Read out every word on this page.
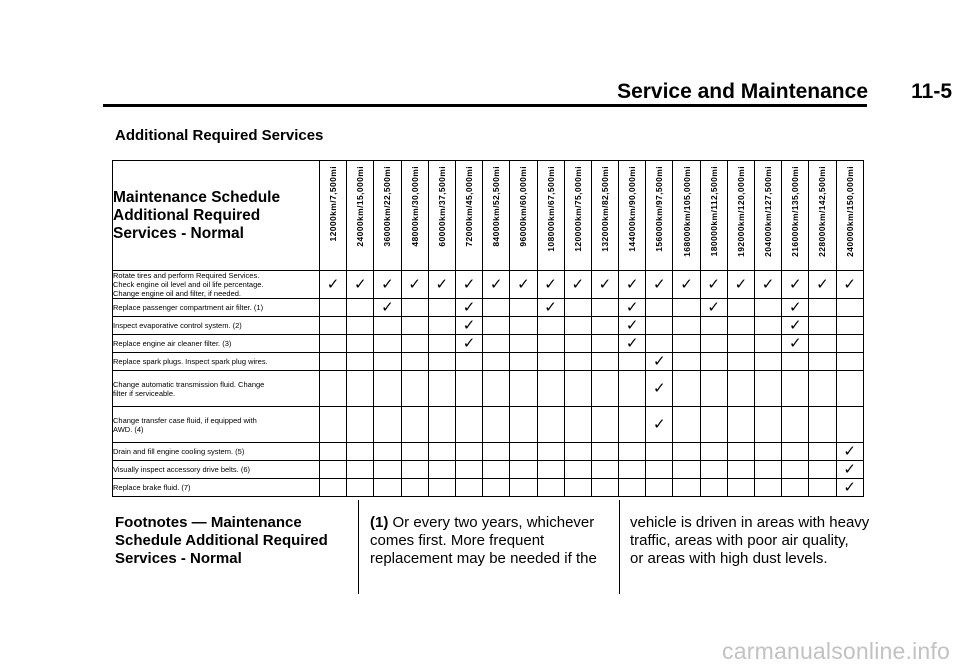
Service and Maintenance 11-5
Additional Required Services
Maintenance Schedule
Additional Required
Services - Normal	12000km/7,500mi	24000km/15,000mi	36000km/22,500mi	48000km/30,000mi	60000km/37,500mi	72000km/45,000mi	84000km/52,500mi	96000km/60,000mi	108000km/67,500mi	120000km/75,000mi	132000km/82,500mi	144000km/90,000mi	156000km/97,500mi	168000km/105,000mi	180000km/112,500mi	192000km/120,000mi	204000km/127,500mi	216000km/135,000mi	228000km/142,500mi	240000km/150,000mi

Rotate tires and perform Required Services.
Check engine oil level and oil life percentage.
Change engine oil and filter, if needed.	✓	✓	✓	✓	✓	✓	✓	✓	✓	✓	✓	✓	✓	✓	✓	✓	✓	✓	✓	✓

Replace passenger compartment air filter. (1)			✓			✓			✓			✓			✓			✓		

Inspect evaporative control system. (2)						✓						✓						✓		

Replace engine air cleaner filter. (3)						✓						✓						✓		

Replace spark plugs. Inspect spark plug wires.													✓							

Change automatic transmission fluid. Change
filter if serviceable.													✓							

Change transfer case fluid, if equipped with
AWD. (4)													✓							

Drain and fill engine cooling system. (5)																				✓

Visually inspect accessory drive belts. (6)																				✓

Replace brake fluid. (7)																				✓
Footnotes — Maintenance
Schedule Additional Required
Services - Normal
(1) Or every two years, whichever
comes first. More frequent
replacement may be needed if the
vehicle is driven in areas with heavy
traffic, areas with poor air quality,
or areas with high dust levels.
carmanualsonline.info
